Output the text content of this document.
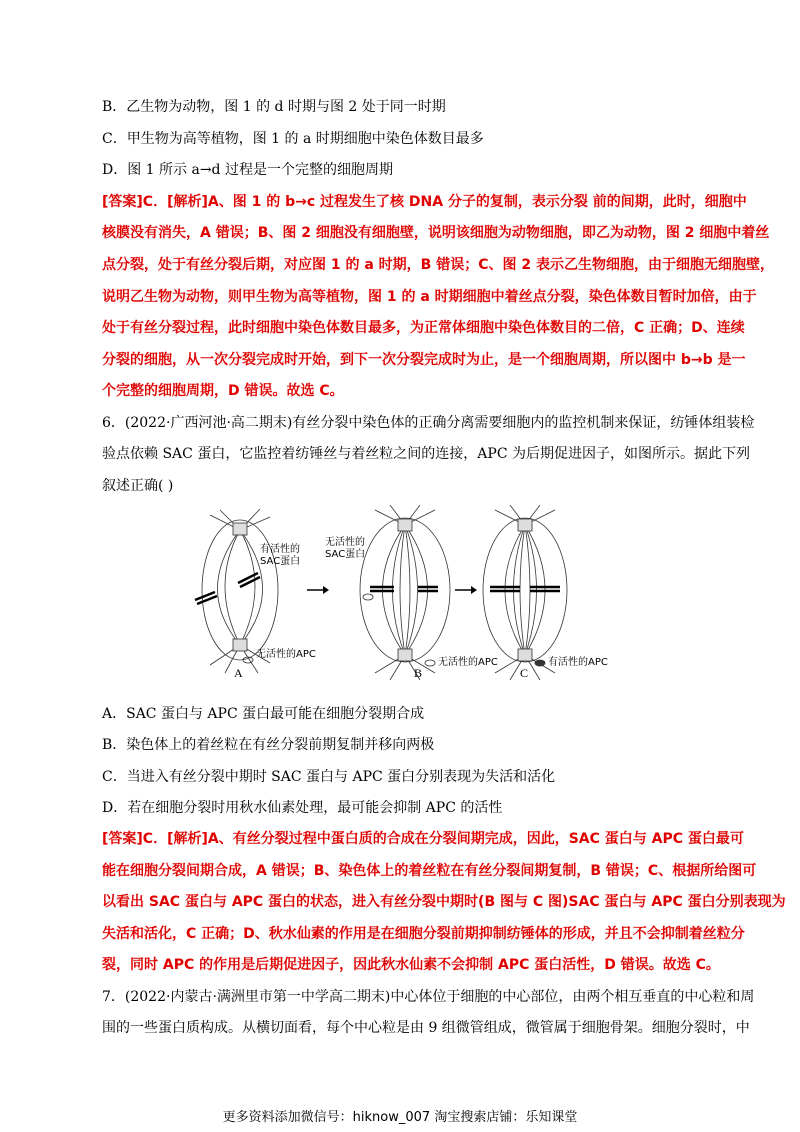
B．乙生物为动物，图 1 的 d 时期与图 2 处于同一时期
C．甲生物为高等植物，图 1 的 a 时期细胞中染色体数目最多
D．图 1 所示 a→d 过程是一个完整的细胞周期
[答案]C．[解析]A、图 1 的 b→c 过程发生了核 DNA 分子的复制，表示分裂 前的间期，此时，细胞中
核膜没有消失，A 错误；B、图 2 细胞没有细胞壁，说明该细胞为动物细胞，即乙为动物，图 2 细胞中着丝
点分裂，处于有丝分裂后期，对应图 1 的 a 时期，B 错误；C、图 2 表示乙生物细胞，由于细胞无细胞壁，
说明乙生物为动物，则甲生物为高等植物，图 1 的 a 时期细胞中着丝点分裂，染色体数目暂时加倍，由于
处于有丝分裂过程，此时细胞中染色体数目最多，为正常体细胞中染色体数目的二倍，C 正确；D、连续
分裂的细胞，从一次分裂完成时开始，到下一次分裂完成时为止，是一个细胞周期，所以图中 b→b 是一
个完整的细胞周期，D 错误。故选 C。
6．(2022·广西河池·高二期末)有丝分裂中染色体的正确分离需要细胞内的监控机制来保证，纺锤体组装检
验点依赖 SAC 蛋白，它监控着纺锤丝与着丝粒之间的连接，APC 为后期促进因子，如图所示。据此下列
叙述正确( )
有活性的
SAC蛋白
无活性的
SAC蛋白
无活性的APC
无活性的APC	有活性的APC
A	B	C
A．SAC 蛋白与 APC 蛋白最可能在细胞分裂期合成
B．染色体上的着丝粒在有丝分裂前期复制并移向两极
C．当进入有丝分裂中期时 SAC 蛋白与 APC 蛋白分别表现为失活和活化
D．若在细胞分裂时用秋水仙素处理，最可能会抑制 APC 的活性
[答案]C．[解析]A、有丝分裂过程中蛋白质的合成在分裂间期完成，因此，SAC 蛋白与 APC 蛋白最可
能在细胞分裂间期合成，A 错误；B、染色体上的着丝粒在有丝分裂间期复制，B 错误；C、根据所给图可
以看出 SAC 蛋白与 APC 蛋白的状态，进入有丝分裂中期时(B 图与 C 图)SAC 蛋白与 APC 蛋白分别表现为
失活和活化，C 正确；D、秋水仙素的作用是在细胞分裂前期抑制纺锤体的形成，并且不会抑制着丝粒分
裂，同时 APC 的作用是后期促进因子，因此秋水仙素不会抑制 APC 蛋白活性，D 错误。故选 C。
7．(2022·内蒙古·满洲里市第一中学高二期末)中心体位于细胞的中心部位，由两个相互垂直的中心粒和周
围的一些蛋白质构成。从横切面看，每个中心粒是由 9 组微管组成，微管属于细胞骨架。细胞分裂时，中
更多资料添加微信号：hiknow_007 淘宝搜索店铺：乐知课堂
